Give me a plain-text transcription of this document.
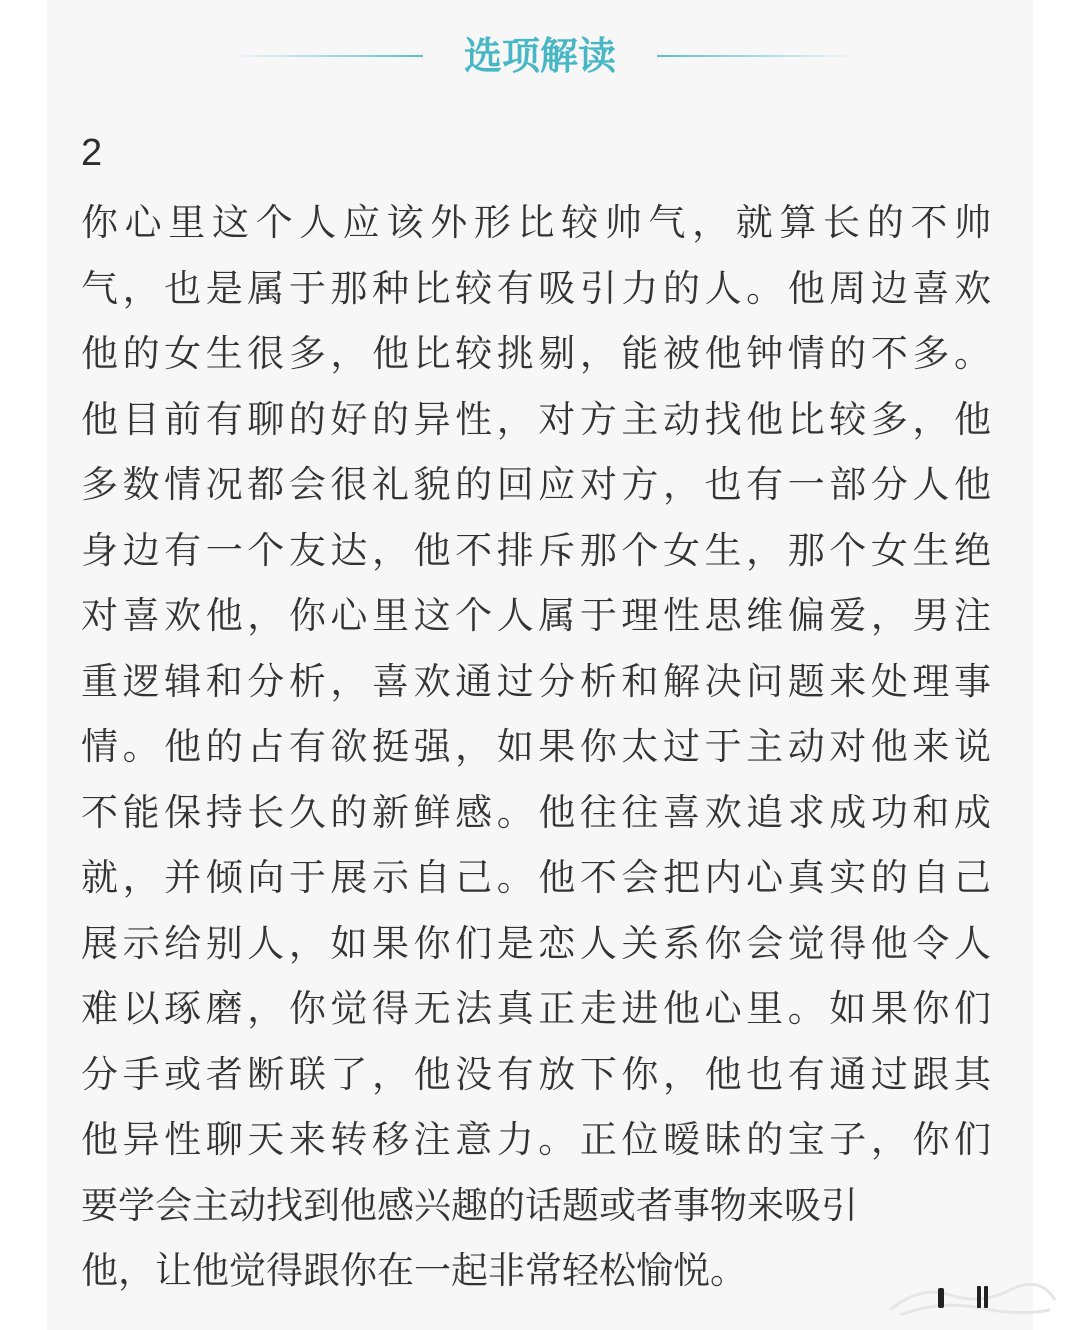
选项解读
2
你心里这个人应该外形比较帅气，就算长的不帅
气，也是属于那种比较有吸引力的人。他周边喜欢
他的女生很多，他比较挑剔，能被他钟情的不多。
他目前有聊的好的异性，对方主动找他比较多，他
多数情况都会很礼貌的回应对方，也有一部分人他
身边有一个友达，他不排斥那个女生，那个女生绝
对喜欢他，你心里这个人属于理性思维偏爱，男注
重逻辑和分析，喜欢通过分析和解决问题来处理事
情。他的占有欲挺强，如果你太过于主动对他来说
不能保持长久的新鲜感。他往往喜欢追求成功和成
就，并倾向于展示自己。他不会把内心真实的自己
展示给别人，如果你们是恋人关系你会觉得他令人
难以琢磨，你觉得无法真正走进他心里。如果你们
分手或者断联了，他没有放下你，他也有通过跟其
他异性聊天来转移注意力。正位暧昧的宝子，你们
要学会主动找到他感兴趣的话题或者事物来吸引
他，让他觉得跟你在一起非常轻松愉悦。
